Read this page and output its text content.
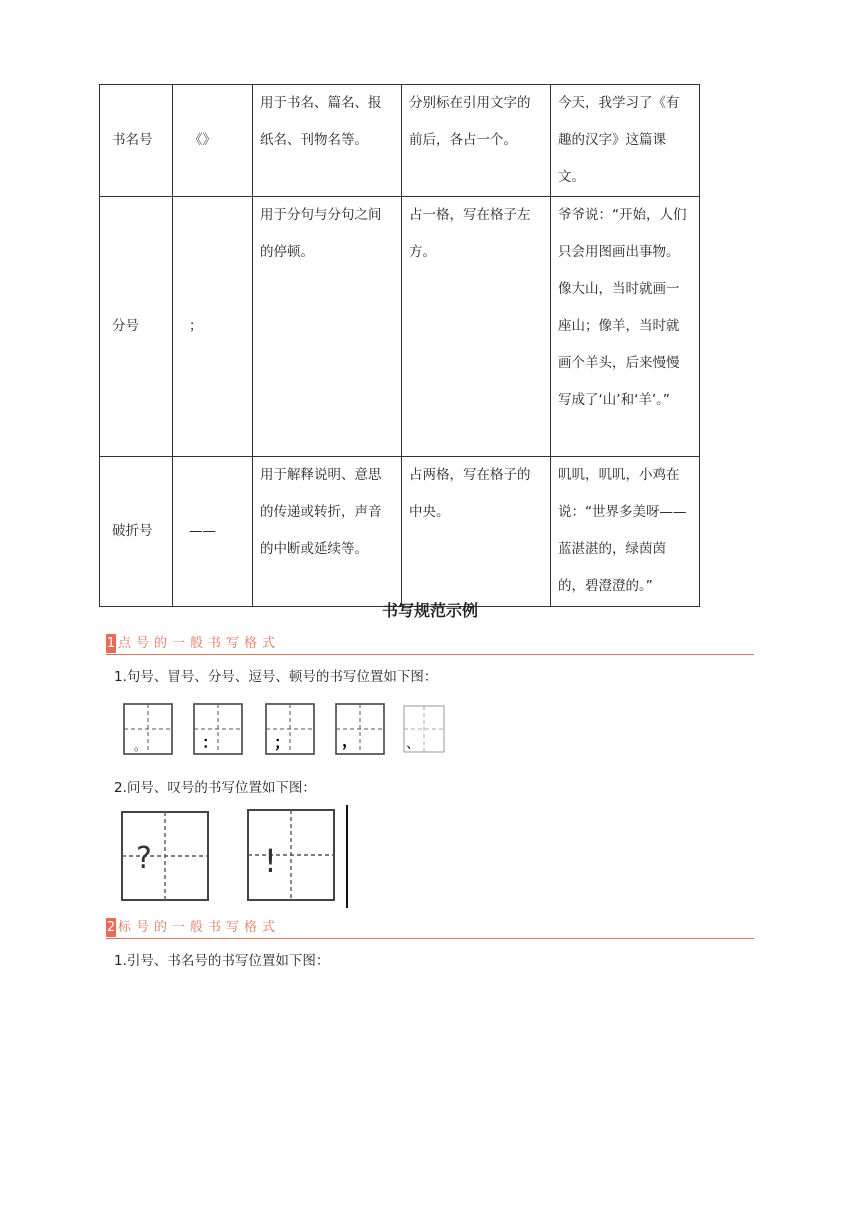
书名号	《》	用于书名、篇名、报纸名、刊物名等。	分别标在引用文字的前后，各占一个。	今天，我学习了《有趣的汉字》这篇课文。
分号	；	用于分句与分句之间的停顿。	占一格，写在格子左方。	爷爷说：“开始，人们只会用图画出事物。像大山，当时就画一座山；像羊，当时就画个羊头，后来慢慢写成了‘山’和‘羊’。”
破折号	——	用于解释说明、意思的传递或转折，声音的中断或延续等。	占两格，写在格子的中央。	叽叽，叽叽，小鸡在说：“世界多美呀——蓝湛湛的，绿茵茵的，碧澄澄的。”
书写规范示例
1 点号的一般书写格式
1.句号、冒号、分号、逗号、顿号的书写位置如下图：
。	：	；	，	、
2.问号、叹号的书写位置如下图：
?	!
2 标号的一般书写格式
1.引号、书名号的书写位置如下图：
